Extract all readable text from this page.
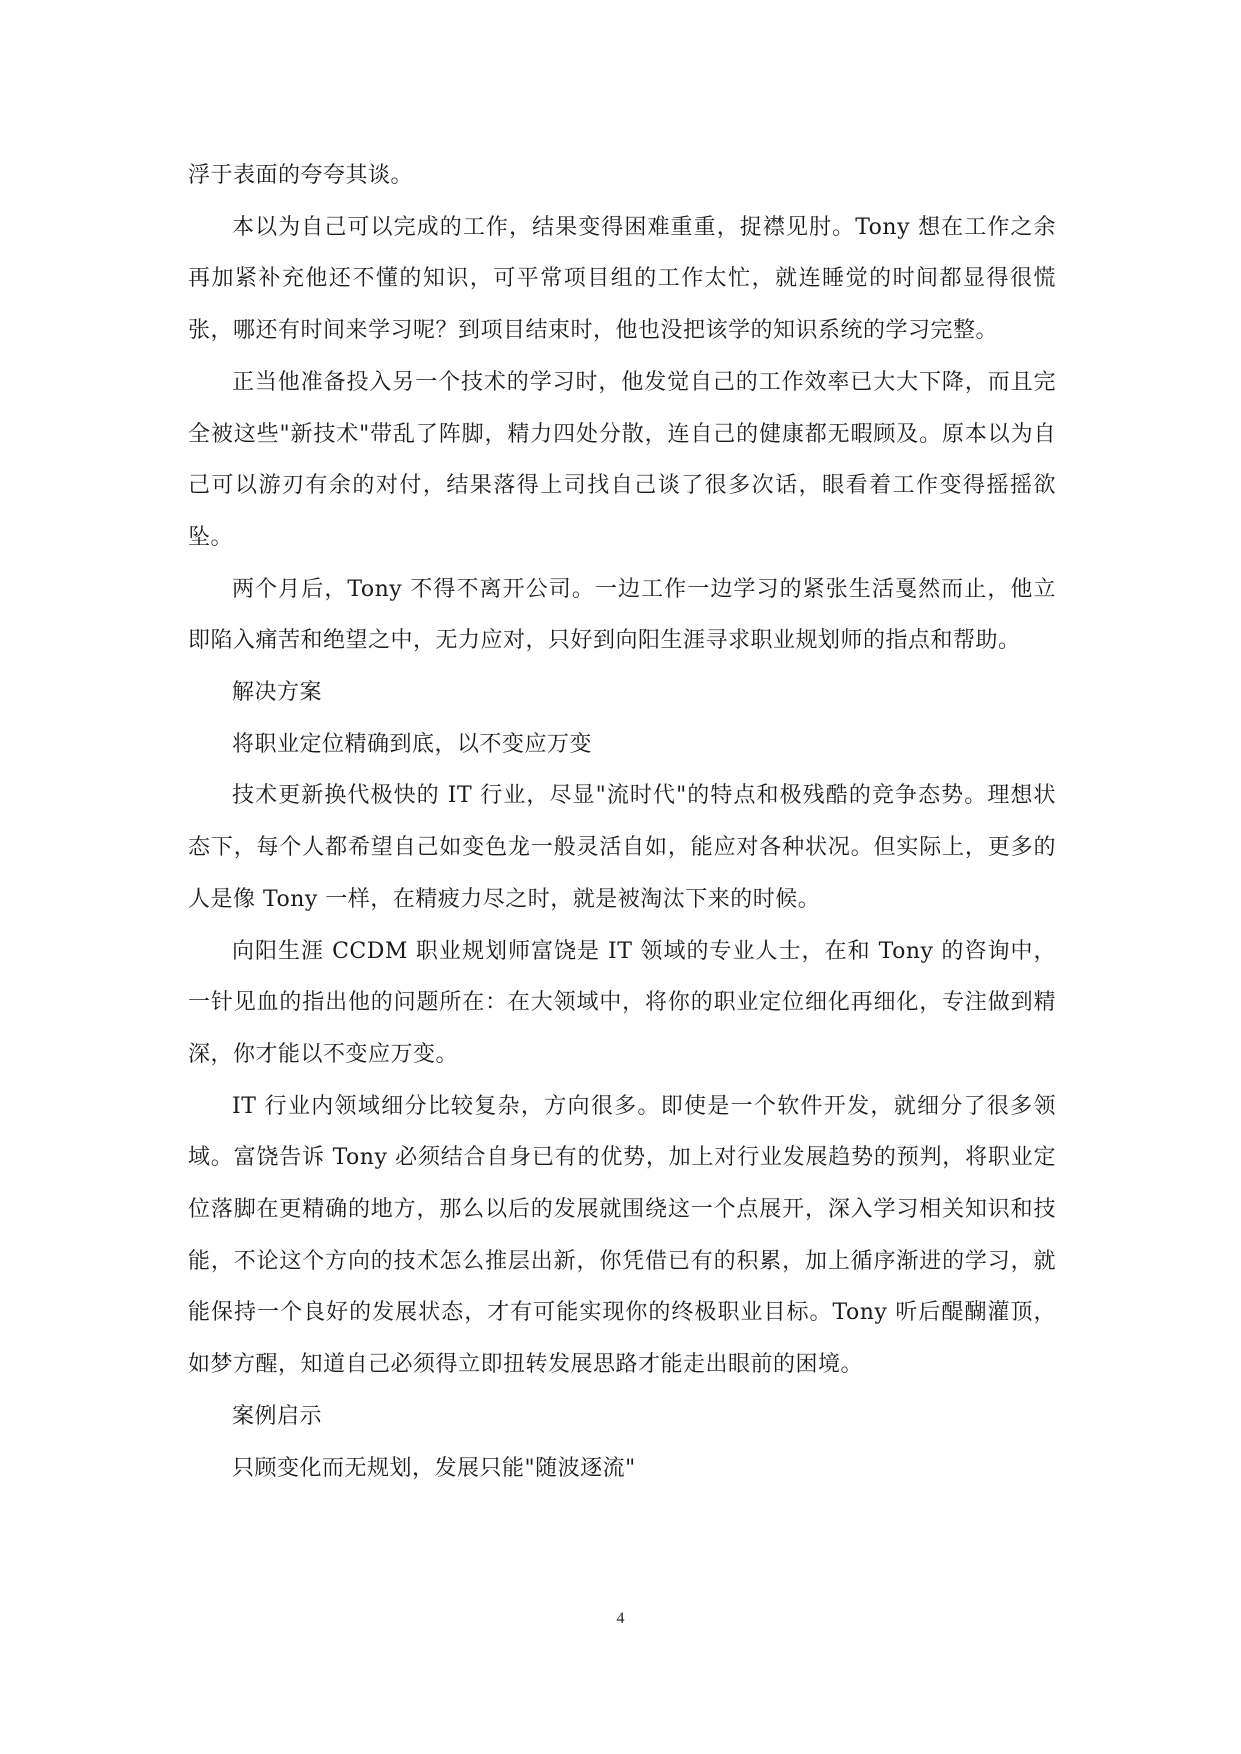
浮于表面的夸夸其谈。

本以为自己可以完成的工作，结果变得困难重重，捉襟见肘。Tony 想在工作之余再加紧补充他还不懂的知识，可平常项目组的工作太忙，就连睡觉的时间都显得很慌张，哪还有时间来学习呢？到项目结束时，他也没把该学的知识系统的学习完整。

正当他准备投入另一个技术的学习时，他发觉自己的工作效率已大大下降，而且完全被这些"新技术"带乱了阵脚，精力四处分散，连自己的健康都无暇顾及。原本以为自己可以游刃有余的对付，结果落得上司找自己谈了很多次话，眼看着工作变得摇摇欲坠。

两个月后，Tony 不得不离开公司。一边工作一边学习的紧张生活戛然而止，他立即陷入痛苦和绝望之中，无力应对，只好到向阳生涯寻求职业规划师的指点和帮助。

解决方案

将职业定位精确到底，以不变应万变

技术更新换代极快的 IT 行业，尽显"流时代"的特点和极残酷的竞争态势。理想状态下，每个人都希望自己如变色龙一般灵活自如，能应对各种状况。但实际上，更多的人是像 Tony 一样，在精疲力尽之时，就是被淘汰下来的时候。

向阳生涯 CCDM 职业规划师富饶是 IT 领域的专业人士，在和 Tony 的咨询中，一针见血的指出他的问题所在：在大领域中，将你的职业定位细化再细化，专注做到精深，你才能以不变应万变。

IT 行业内领域细分比较复杂，方向很多。即使是一个软件开发，就细分了很多领域。富饶告诉 Tony 必须结合自身已有的优势，加上对行业发展趋势的预判，将职业定位落脚在更精确的地方，那么以后的发展就围绕这一个点展开，深入学习相关知识和技能，不论这个方向的技术怎么推层出新，你凭借已有的积累，加上循序渐进的学习，就能保持一个良好的发展状态，才有可能实现你的终极职业目标。Tony 听后醍醐灌顶，如梦方醒，知道自己必须得立即扭转发展思路才能走出眼前的困境。

案例启示

只顾变化而无规划，发展只能"随波逐流"

4
